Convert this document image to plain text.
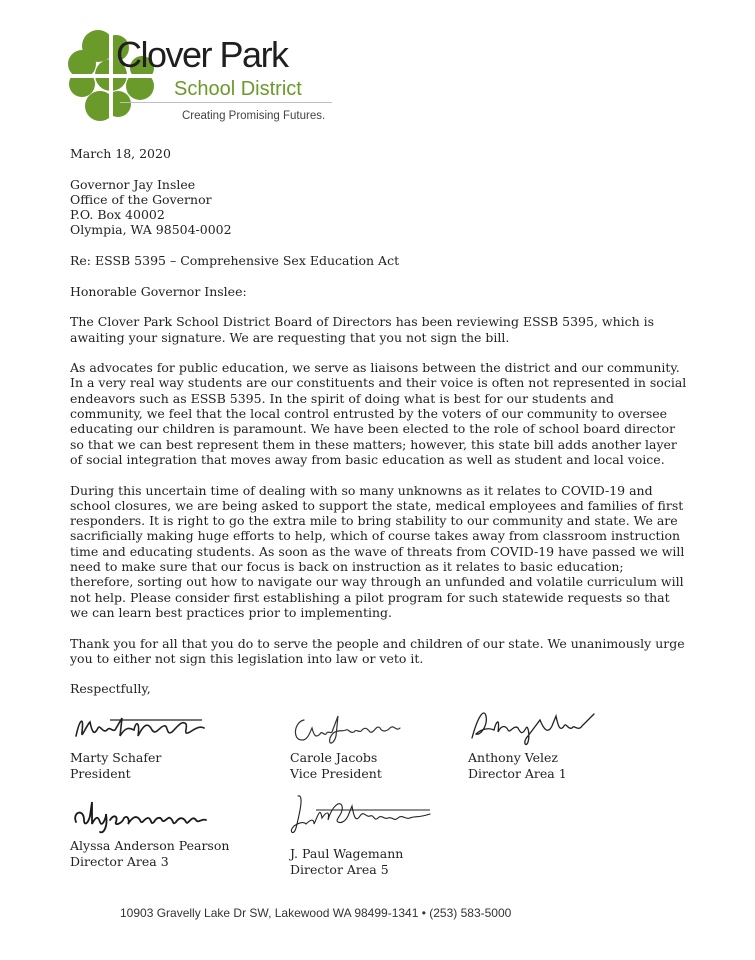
Clover Park
School District
Creating Promising Futures.

March 18, 2020

Governor Jay Inslee
Office of the Governor
P.O. Box 40002
Olympia, WA 98504-0002

Re: ESSB 5395 – Comprehensive Sex Education Act

Honorable Governor Inslee:

The Clover Park School District Board of Directors has been reviewing ESSB 5395, which is awaiting your signature. We are requesting that you not sign the bill.

As advocates for public education, we serve as liaisons between the district and our community. In a very real way students are our constituents and their voice is often not represented in social endeavors such as ESSB 5395. In the spirit of doing what is best for our students and community, we feel that the local control entrusted by the voters of our community to oversee educating our children is paramount. We have been elected to the role of school board director so that we can best represent them in these matters; however, this state bill adds another layer of social integration that moves away from basic education as well as student and local voice.

During this uncertain time of dealing with so many unknowns as it relates to COVID-19 and school closures, we are being asked to support the state, medical employees and families of first responders. It is right to go the extra mile to bring stability to our community and state. We are sacrificially making huge efforts to help, which of course takes away from classroom instruction time and educating students. As soon as the wave of threats from COVID-19 have passed we will need to make sure that our focus is back on instruction as it relates to basic education; therefore, sorting out how to navigate our way through an unfunded and volatile curriculum will not help. Please consider first establishing a pilot program for such statewide requests so that we can learn best practices prior to implementing.

Thank you for all that you do to serve the people and children of our state. We unanimously urge you to either not sign this legislation into law or veto it.

Respectfully,

Marty Schafer
President
Carole Jacobs
Vice President
Anthony Velez
Director Area 1
Alyssa Anderson Pearson
Director Area 3	J. Paul Wagemann
Director Area 5
10903 Gravelly Lake Dr SW, Lakewood WA 98499-1341 • (253) 583-5000
